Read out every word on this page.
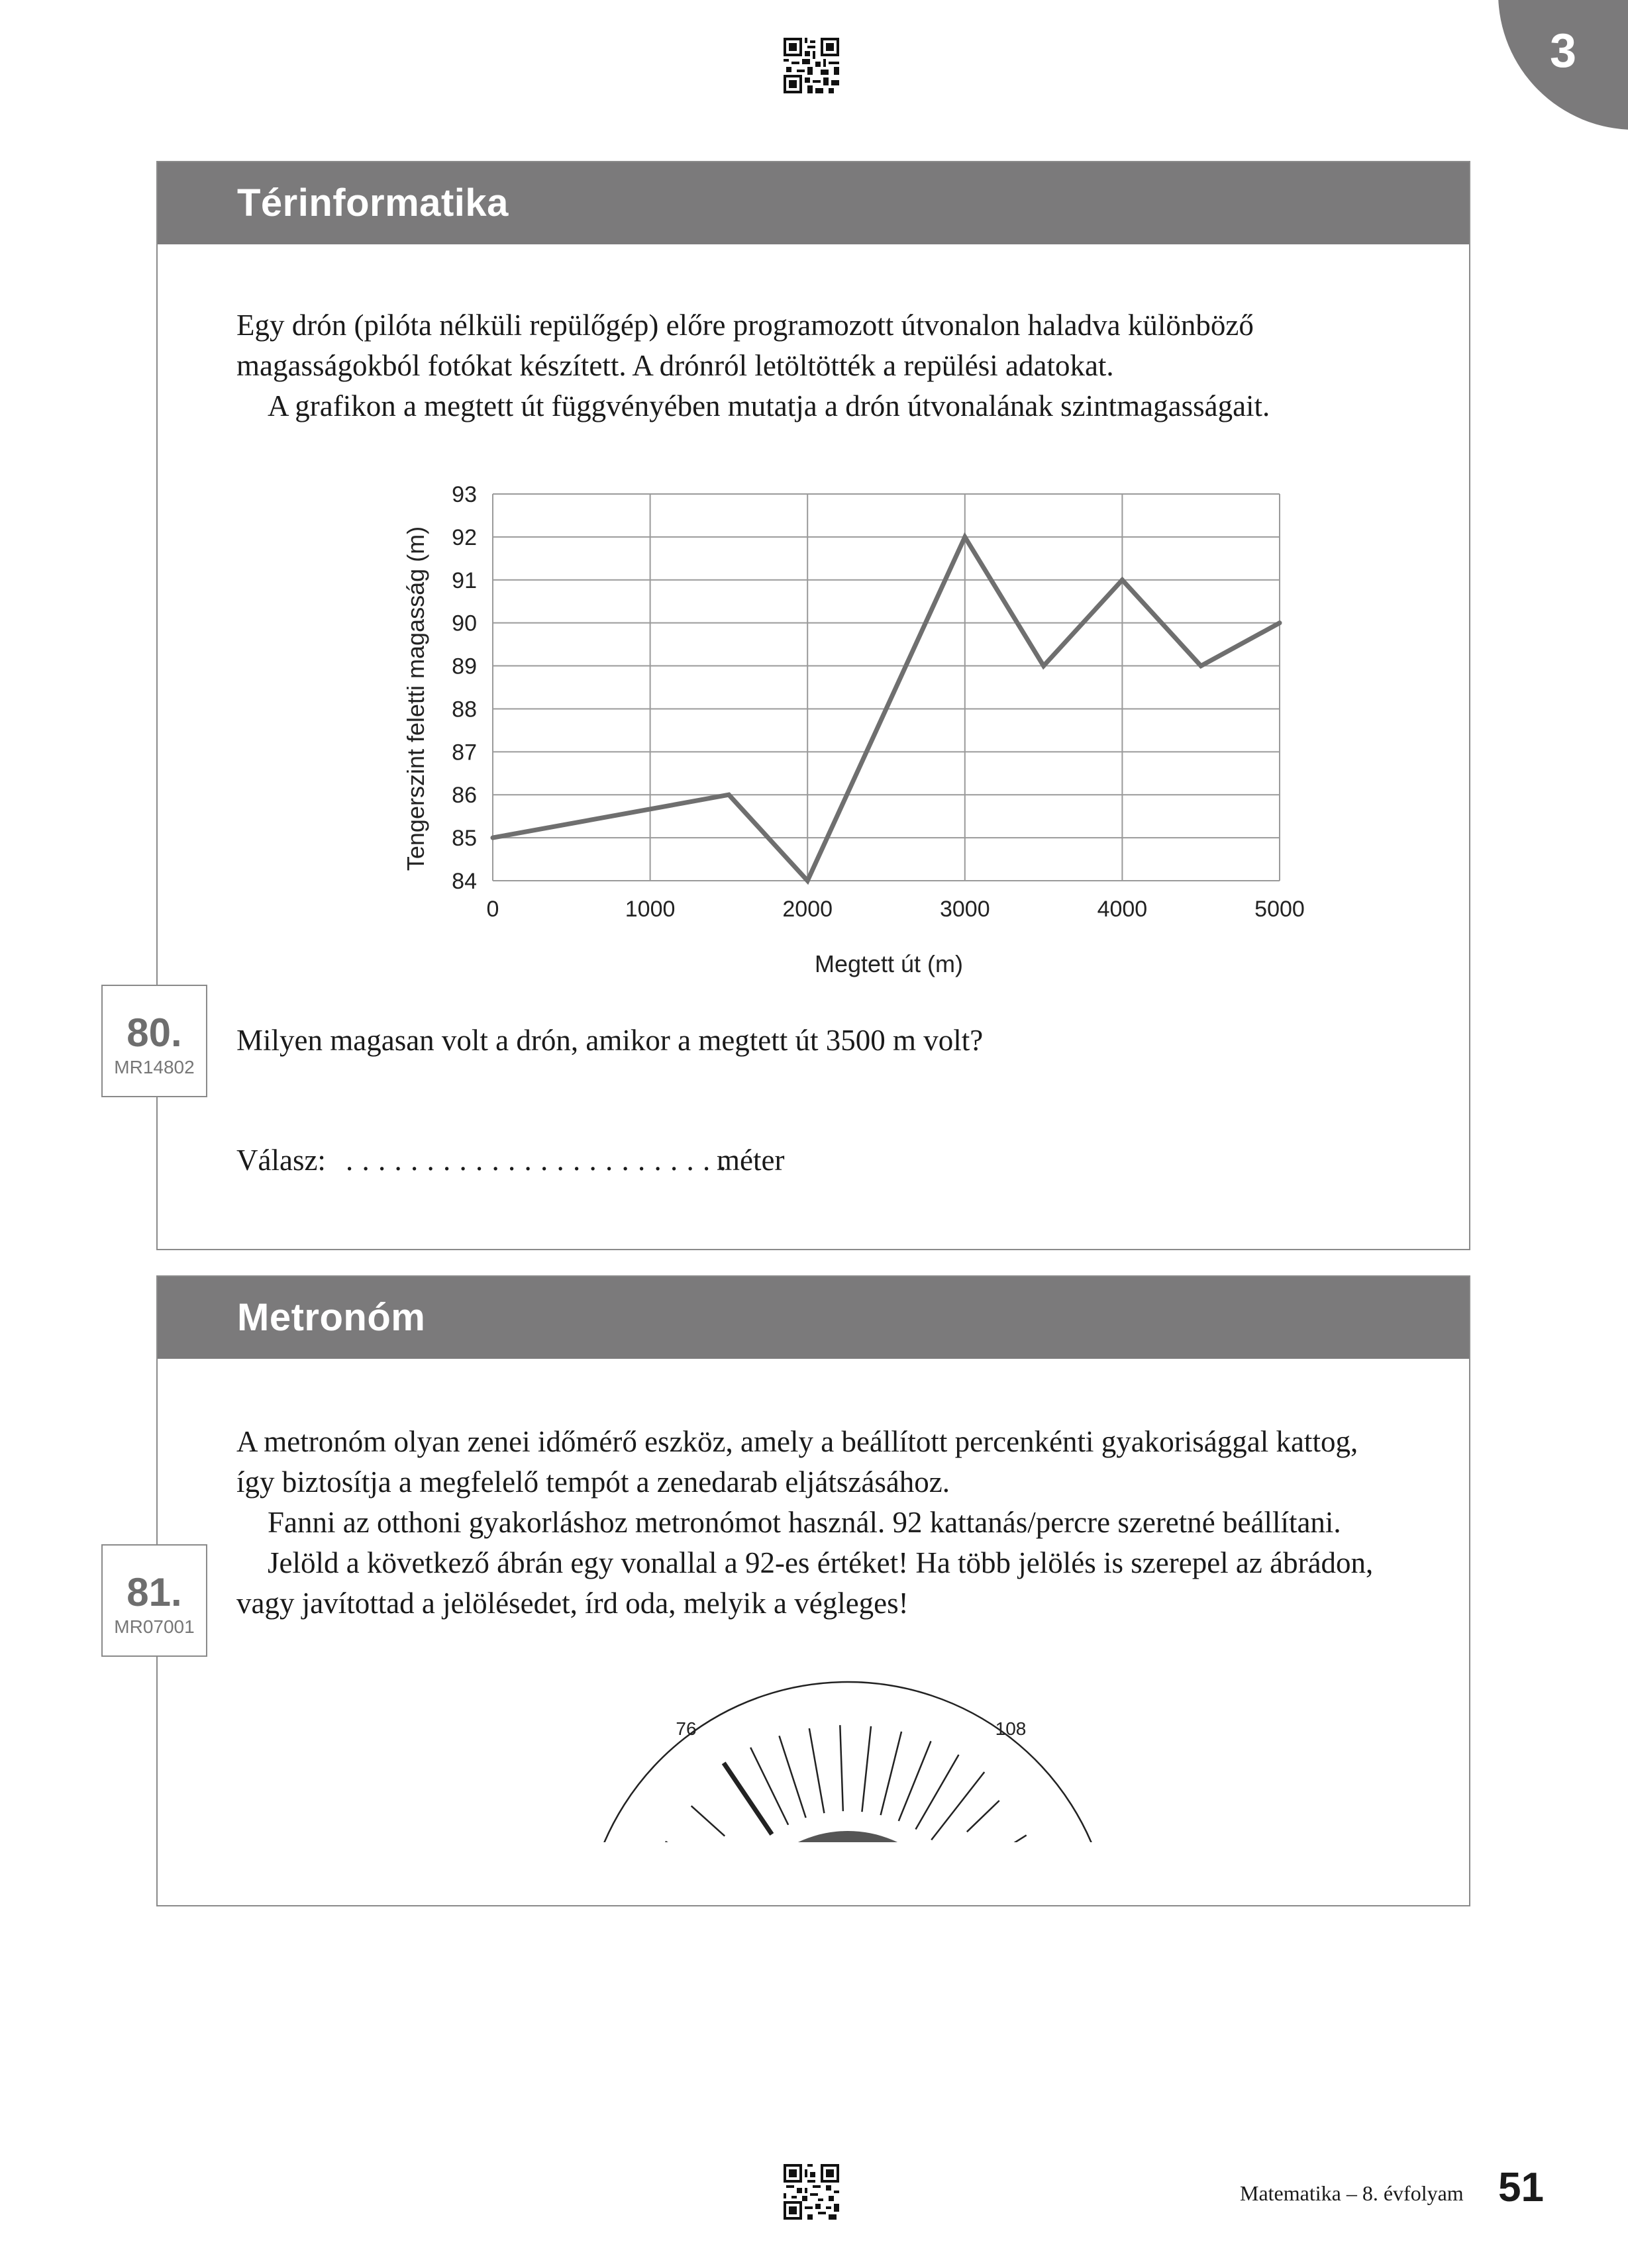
3
Térinformatika
Egy drón (pilóta nélküli repülőgép) előre programozott útvonalon haladva különböző
magasságokból fotókat készített. A drónról letöltötték a repülési adatokat.
A grafikon a megtett út függvényében mutatja a drón útvonalának szintmagasságait.
84
85
86
87
88
89
90
91
92
93
0	1000	2000	3000	4000	5000
Tengerszint feletti magasság (m)
Megtett út (m)
80.
MR14802
Milyen magasan volt a drón, amikor a megtett út 3500 m volt?
Válasz: . . . . . . . . . . . . . . . . . . . . . . . .
méter
Metronóm
A metronóm olyan zenei időmérő eszköz, amely a beállított percenkénti gyakorisággal kattog,
így biztosítja a megfelelő tempót a zenedarab eljátszásához.
Fanni az otthoni gyakorláshoz metronómot használ. 92 kattanás/percre szeretné beállítani.
Jelöld a következő ábrán egy vonallal a 92-es értéket! Ha több jelölés is szerepel az ábrádon,
vagy javítottad a jelölésedet, írd oda, melyik a végleges!
81.
MR07001
76	108
Matematika – 8. évfolyam 51
